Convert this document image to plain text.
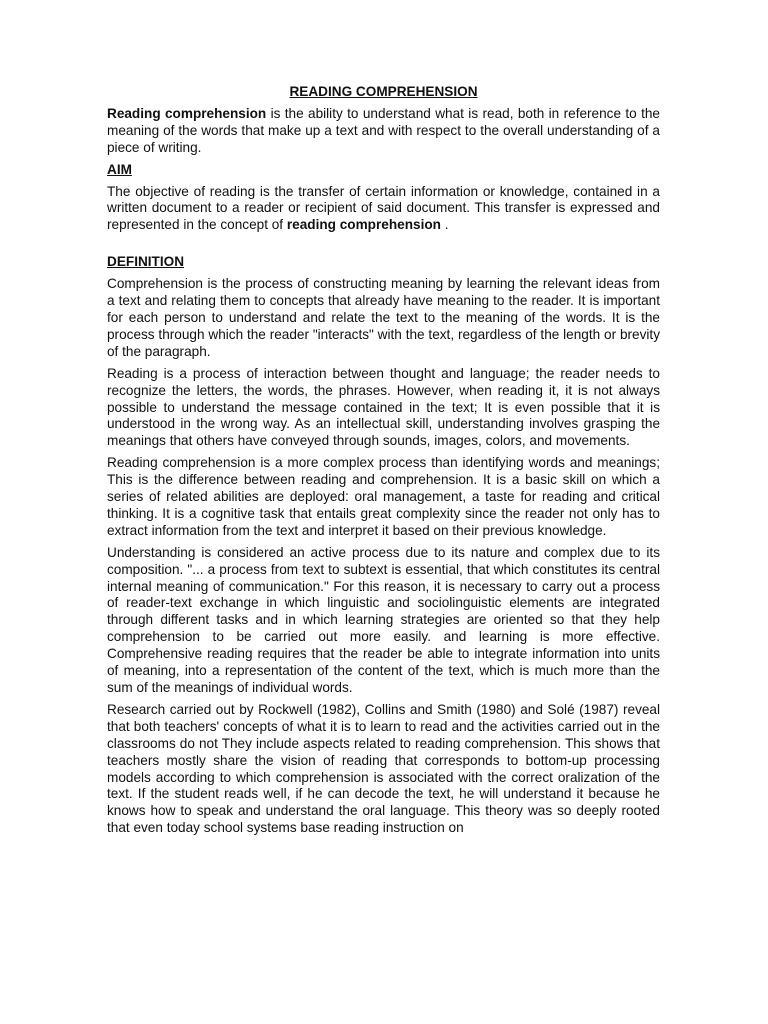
READING COMPREHENSION

Reading comprehension is the ability to understand what is read, both in reference to the meaning of the words that make up a text and with respect to the overall understanding of a piece of writing.

AIM

The objective of reading is the transfer of certain information or knowledge, contained in a written document to a reader or recipient of said document. This transfer is expressed and represented in the concept of reading comprehension .

DEFINITION

Comprehension is the process of constructing meaning by learning the relevant ideas from a text and relating them to concepts that already have meaning to the reader. It is important for each person to understand and relate the text to the meaning of the words. It is the process through which the reader "interacts" with the text, regardless of the length or brevity of the paragraph.

Reading is a process of interaction between thought and language; the reader needs to recognize the letters, the words, the phrases. However, when reading it, it is not always possible to understand the message contained in the text; It is even possible that it is understood in the wrong way. As an intellectual skill, understanding involves grasping the meanings that others have conveyed through sounds, images, colors, and movements.

Reading comprehension is a more complex process than identifying words and meanings; This is the difference between reading and comprehension. It is a basic skill on which a series of related abilities are deployed: oral management, a taste for reading and critical thinking. It is a cognitive task that entails great complexity since the reader not only has to extract information from the text and interpret it based on their previous knowledge.

Understanding is considered an active process due to its nature and complex due to its composition. "... a process from text to subtext is essential, that which constitutes its central internal meaning of communication." For this reason, it is necessary to carry out a process of reader-text exchange in which linguistic and sociolinguistic elements are integrated through different tasks and in which learning strategies are oriented so that they help comprehension to be carried out more easily. and learning is more effective. Comprehensive reading requires that the reader be able to integrate information into units of meaning, into a representation of the content of the text, which is much more than the sum of the meanings of individual words.

Research carried out by Rockwell (1982), Collins and Smith (1980) and Solé (1987) reveal that both teachers' concepts of what it is to learn to read and the activities carried out in the classrooms do not They include aspects related to reading comprehension. This shows that teachers mostly share the vision of reading that corresponds to bottom-up processing models according to which comprehension is associated with the correct oralization of the text. If the student reads well, if he can decode the text, he will understand it because he knows how to speak and understand the oral language. This theory was so deeply rooted that even today school systems base reading instruction on
